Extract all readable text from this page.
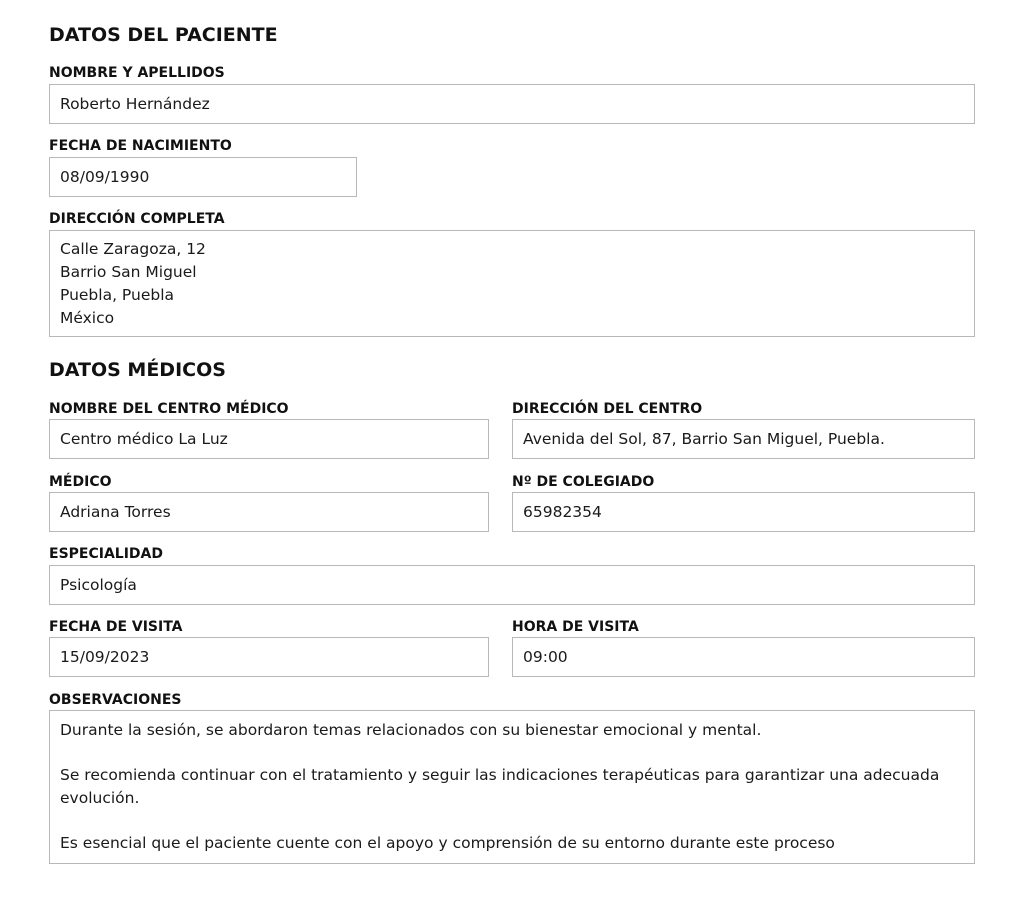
DATOS DEL PACIENTE
NOMBRE Y APELLIDOS
Roberto Hernández
FECHA DE NACIMIENTO
08/09/1990
DIRECCIÓN COMPLETA
Calle Zaragoza, 12
Barrio San Miguel
Puebla, Puebla
México
DATOS MÉDICOS
NOMBRE DEL CENTRO MÉDICO
Centro médico La Luz
DIRECCIÓN DEL CENTRO
Avenida del Sol, 87, Barrio San Miguel, Puebla.
MÉDICO
Adriana Torres
Nº DE COLEGIADO
65982354
ESPECIALIDAD
Psicología
FECHA DE VISITA
15/09/2023
HORA DE VISITA
09:00
OBSERVACIONES
Durante la sesión, se abordaron temas relacionados con su bienestar emocional y mental.
Se recomienda continuar con el tratamiento y seguir las indicaciones terapéuticas para garantizar una adecuada evolución.
Es esencial que el paciente cuente con el apoyo y comprensión de su entorno durante este proceso
